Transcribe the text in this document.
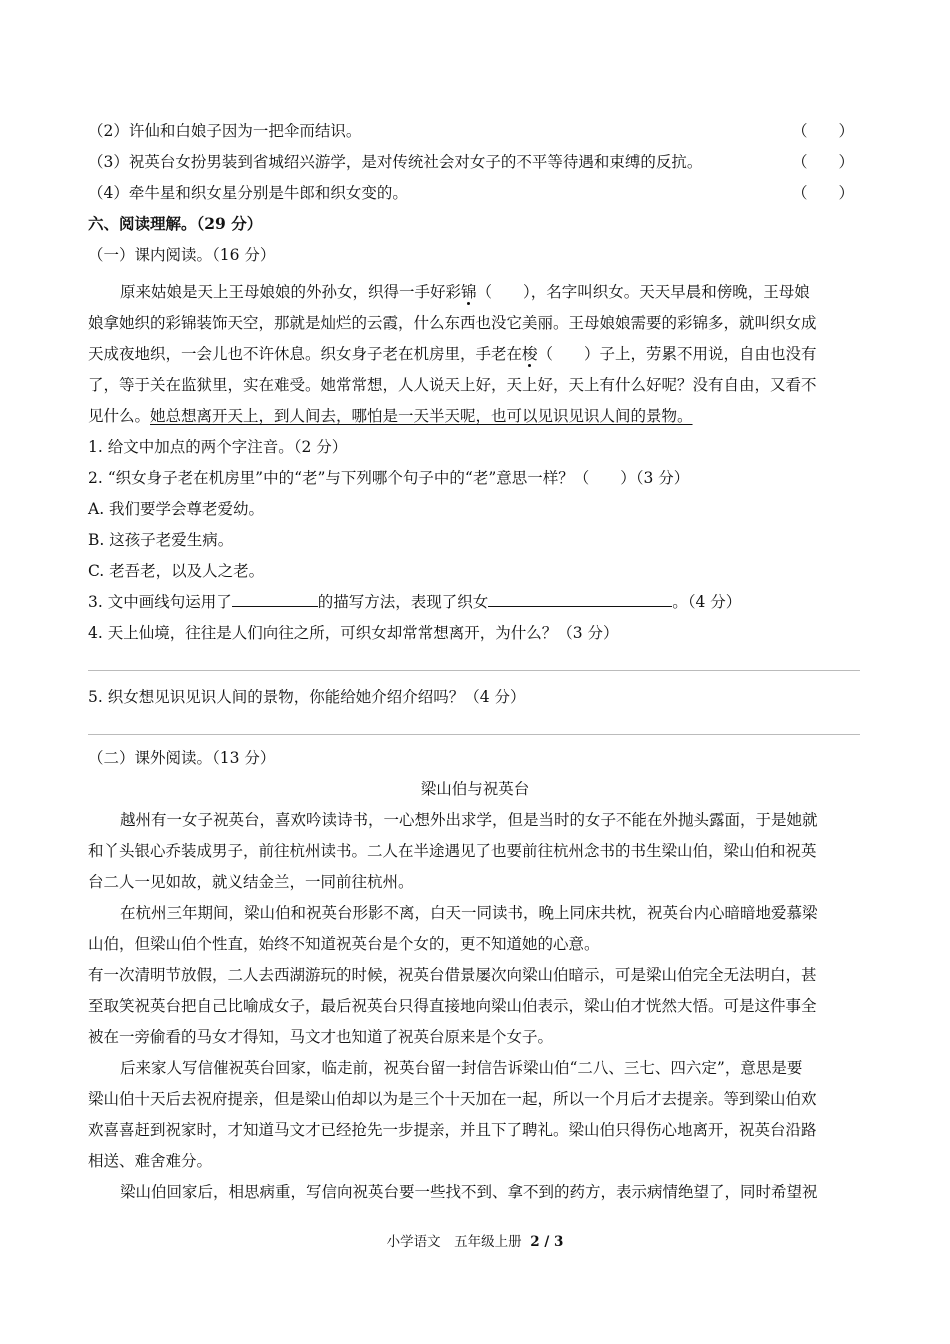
（2）许仙和白娘子因为一把伞而结识。	（　　）
（3）祝英台女扮男装到省城绍兴游学，是对传统社会对女子的不平等待遇和束缚的反抗。	（　　）
（4）牵牛星和织女星分别是牛郎和织女变的。	（　　）
六、阅读理解。（29 分）
（一）课内阅读。（16 分）
原来姑娘是天上王母娘娘的外孙女，织得一手好彩锦（　　），名字叫织女。天天早晨和傍晚，王母娘
娘拿她织的彩锦装饰天空，那就是灿烂的云霞，什么东西也没它美丽。王母娘娘需要的彩锦多，就叫织女成
天成夜地织，一会儿也不许休息。织女身子老在机房里，手老在梭（　　）子上，劳累不用说，自由也没有
了，等于关在监狱里，实在难受。她常常想，人人说天上好，天上好，天上有什么好呢？没有自由，又看不
见什么。她总想离开天上，到人间去，哪怕是一天半天呢，也可以见识见识人间的景物。
1. 给文中加点的两个字注音。（2 分）
2. “织女身子老在机房里”中的“老”与下列哪个句子中的“老”意思一样？（　　）（3 分）
A. 我们要学会尊老爱幼。
B. 这孩子老爱生病。
C. 老吾老，以及人之老。
3. 文中画线句运用了	的描写方法，表现了织女	。（4 分）
4. 天上仙境，往往是人们向往之所，可织女却常常想离开，为什么？（3 分）
5. 织女想见识见识人间的景物，你能给她介绍介绍吗？（4 分）
（二）课外阅读。（13 分）
梁山伯与祝英台
越州有一女子祝英台，喜欢吟读诗书，一心想外出求学，但是当时的女子不能在外抛头露面，于是她就
和丫头银心乔装成男子，前往杭州读书。二人在半途遇见了也要前往杭州念书的书生梁山伯，梁山伯和祝英
台二人一见如故，就义结金兰，一同前往杭州。
在杭州三年期间，梁山伯和祝英台形影不离，白天一同读书，晚上同床共枕，祝英台内心暗暗地爱慕梁
山伯，但梁山伯个性直，始终不知道祝英台是个女的，更不知道她的心意。
有一次清明节放假，二人去西湖游玩的时候，祝英台借景屡次向梁山伯暗示，可是梁山伯完全无法明白，甚
至取笑祝英台把自己比喻成女子，最后祝英台只得直接地向梁山伯表示，梁山伯才恍然大悟。可是这件事全
被在一旁偷看的马女才得知，马文才也知道了祝英台原来是个女子。
后来家人写信催祝英台回家，临走前，祝英台留一封信告诉梁山伯“二八、三七、四六定”，意思是要
梁山伯十天后去祝府提亲，但是梁山伯却以为是三个十天加在一起，所以一个月后才去提亲。等到梁山伯欢
欢喜喜赶到祝家时，才知道马文才已经抢先一步提亲，并且下了聘礼。梁山伯只得伤心地离开，祝英台沿路
相送、难舍难分。
梁山伯回家后，相思病重，写信向祝英台要一些找不到、拿不到的药方，表示病情绝望了，同时希望祝
小学语文　五年级上册 2 / 3
